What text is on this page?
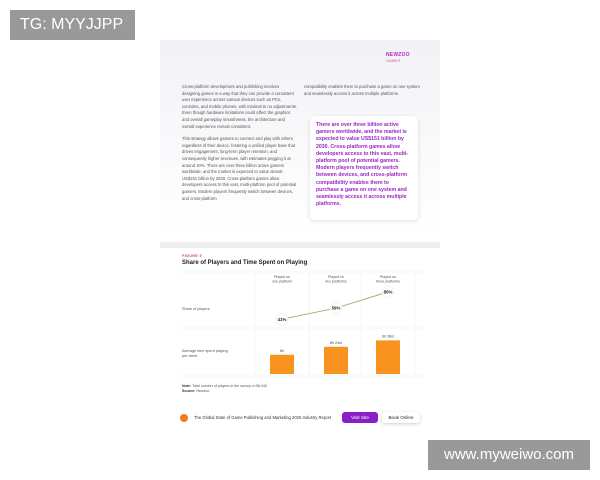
TG: MYYJJPP
NEWZOO
GAMES

Cross-platform development and publishing involves designing games in a way that they can provide a consistent user experience across various devices such as PCs, consoles, and mobile phones, with minimal to no adjustments. Even though hardware limitations could affect the graphics and overall gameplay smoothness, the architecture and overall experience remain consistent.

This strategy allows gamers to connect and play with others regardless of their device, fostering a unified player base that drives engagement, long-term player retention, and consequently higher revenues, with estimates pegging it at around 40%. There are over three billion active gamers worldwide, and the market is expected to value almost US$151 billion by 2030. Cross-platform games allow developers access to this vast, multi-platform pool of potential gamers. Modern players frequently switch between devices, and cross-platform

compatibility enables them to purchase a game on one system and seamlessly access it across multiple platforms.

There are over three billion active gamers worldwide, and the market is expected to value US$151 billion by 2030. Cross-platform games allow developers access to this vast, multi-platform pool of potential gamers. Modern players frequently switch between devices, and cross-platform compatibility enables them to purchase a game on one system and seamlessly access it across multiple platforms.
FIGURE 5
Share of Players and Time Spent on Playing
Share of players
Average time spent playing
per week
Played on one platform
Played on two platforms
Played on three platforms
41%
59%
85%
6h
8h 24m
9h 38m
Note: Total number of players in the survey n=56,040
Source: Newzoo
The Global State of Game Publishing and Marketing 2025 Industry Report	Visit Site	Book Online
www.myweiwo.com
